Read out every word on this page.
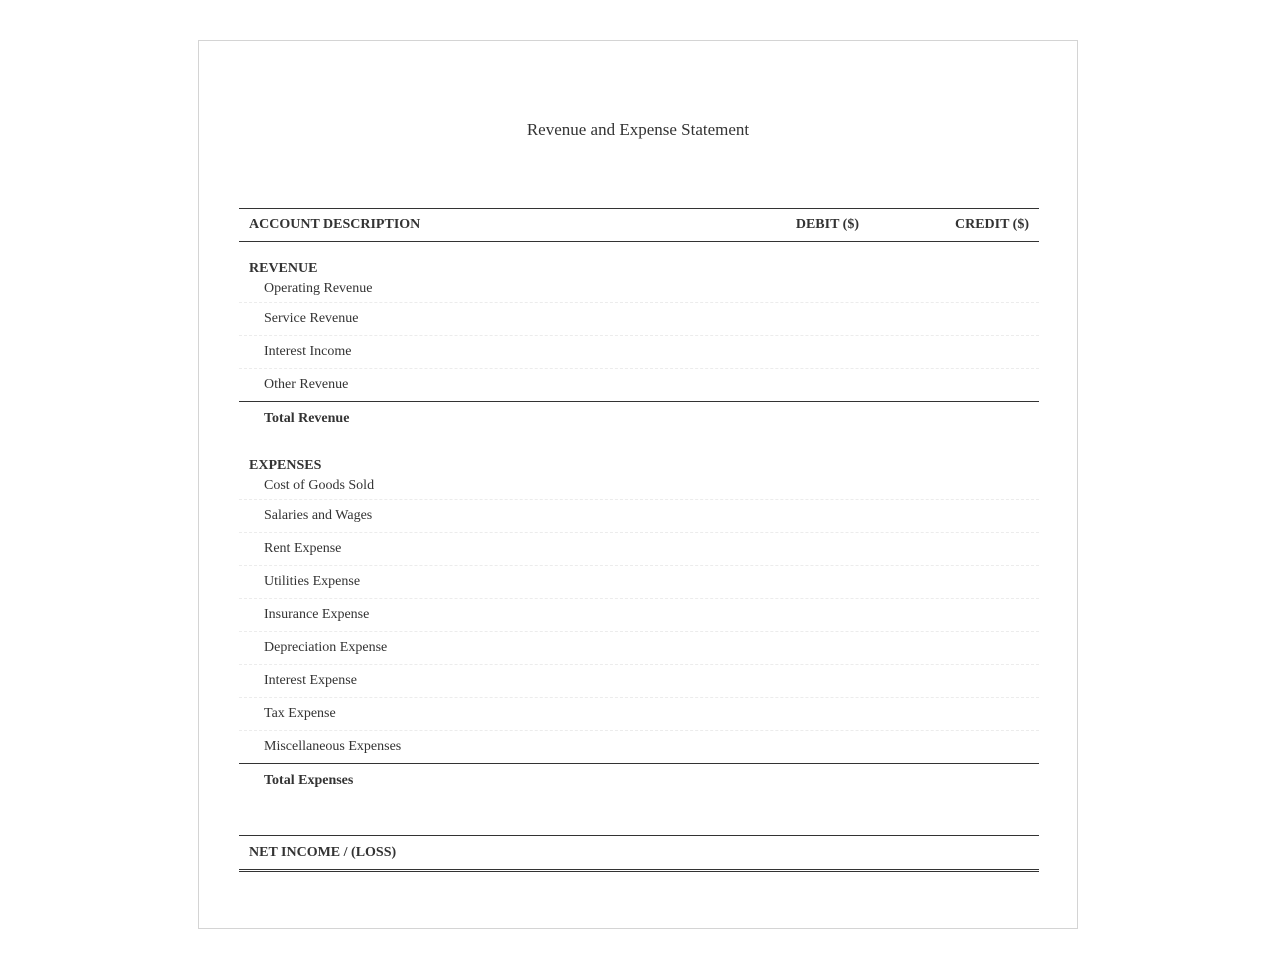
Revenue and Expense Statement
ACCOUNT DESCRIPTION	DEBIT ($)	CREDIT ($)
REVENUE
Operating Revenue
Service Revenue
Interest Income
Other Revenue
Total Revenue
EXPENSES
Cost of Goods Sold
Salaries and Wages
Rent Expense
Utilities Expense
Insurance Expense
Depreciation Expense
Interest Expense
Tax Expense
Miscellaneous Expenses
Total Expenses
NET INCOME / (LOSS)
